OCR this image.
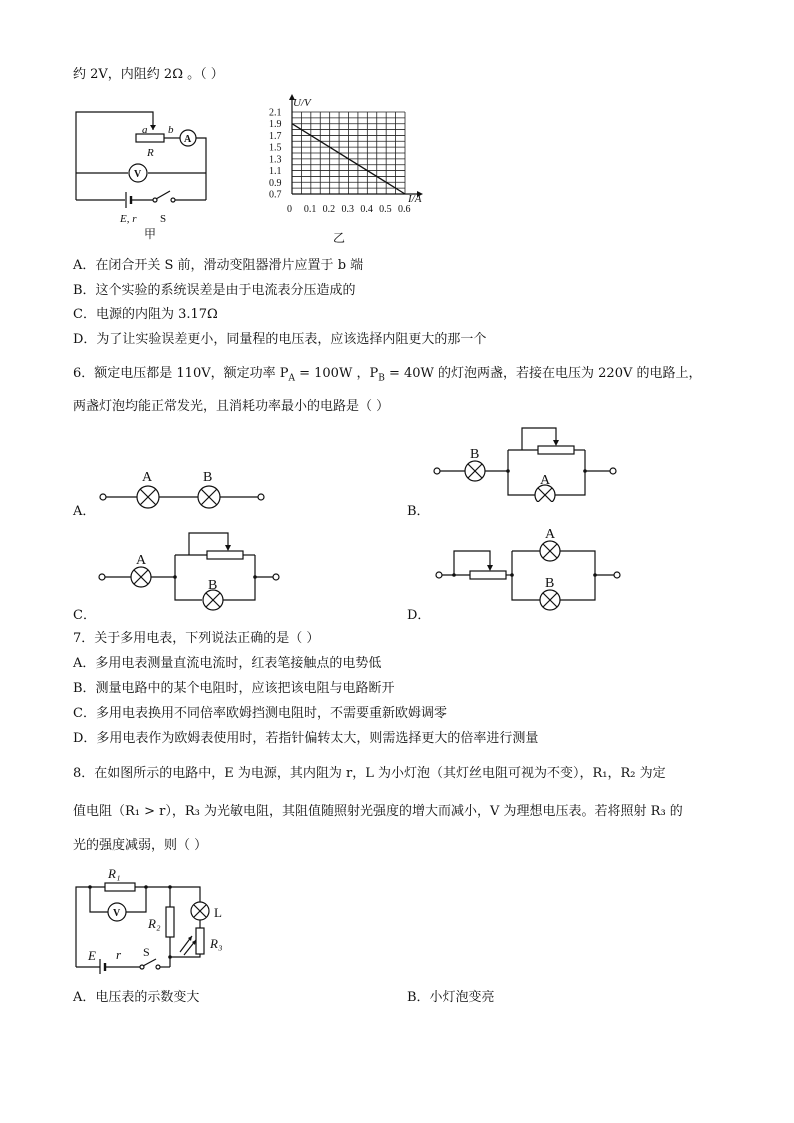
约 2V，内阻约 2Ω 。（ ）
a b
R
A
V
E, r S
甲
2.1
1.9
1.7
1.5
1.3
1.1
0.9
0.7
0 0.1 0.2 0.3 0.4 0.5 0.6
U/V
I/A
乙
A．在闭合开关 S 前，滑动变阻器滑片应置于 b 端
B．这个实验的系统误差是由于电流表分压造成的
C．电源的内阻为 3.17Ω
D．为了让实验误差更小，同量程的电压表，应该选择内阻更大的那一个
6．额定电压都是 110V，额定功率 $P_A = 100W$ ，$P_B = 40W$ 的灯泡两盏，若接在电压为 220V 的电路上，
两盏灯泡均能正常发光，且消耗功率最小的电路是（ ）
A．
A	B
B．
B
A
C．
A
B
D．
A
B
7．关于多用电表，下列说法正确的是（ ）
A．多用电表测量直流电流时，红表笔接触点的电势低
B．测量电路中的某个电阻时，应该把该电阻与电路断开
C．多用电表换用不同倍率欧姆挡测电阻时，不需要重新欧姆调零
D．多用电表作为欧姆表使用时，若指针偏转太大，则需选择更大的倍率进行测量
8．在如图所示的电路中，E 为电源，其内阻为 r，L 为小灯泡（其灯丝电阻可视为不变），R₁，R₂ 为定
值电阻（R₁ > r），R₃ 为光敏电阻，其阻值随照射光强度的增大而减小，V 为理想电压表。若将照射 R₃ 的
光的强度减弱，则（ ）
R₁
V
R₂
L
R₃
E r S
A．电压表的示数变大	B．小灯泡变亮
